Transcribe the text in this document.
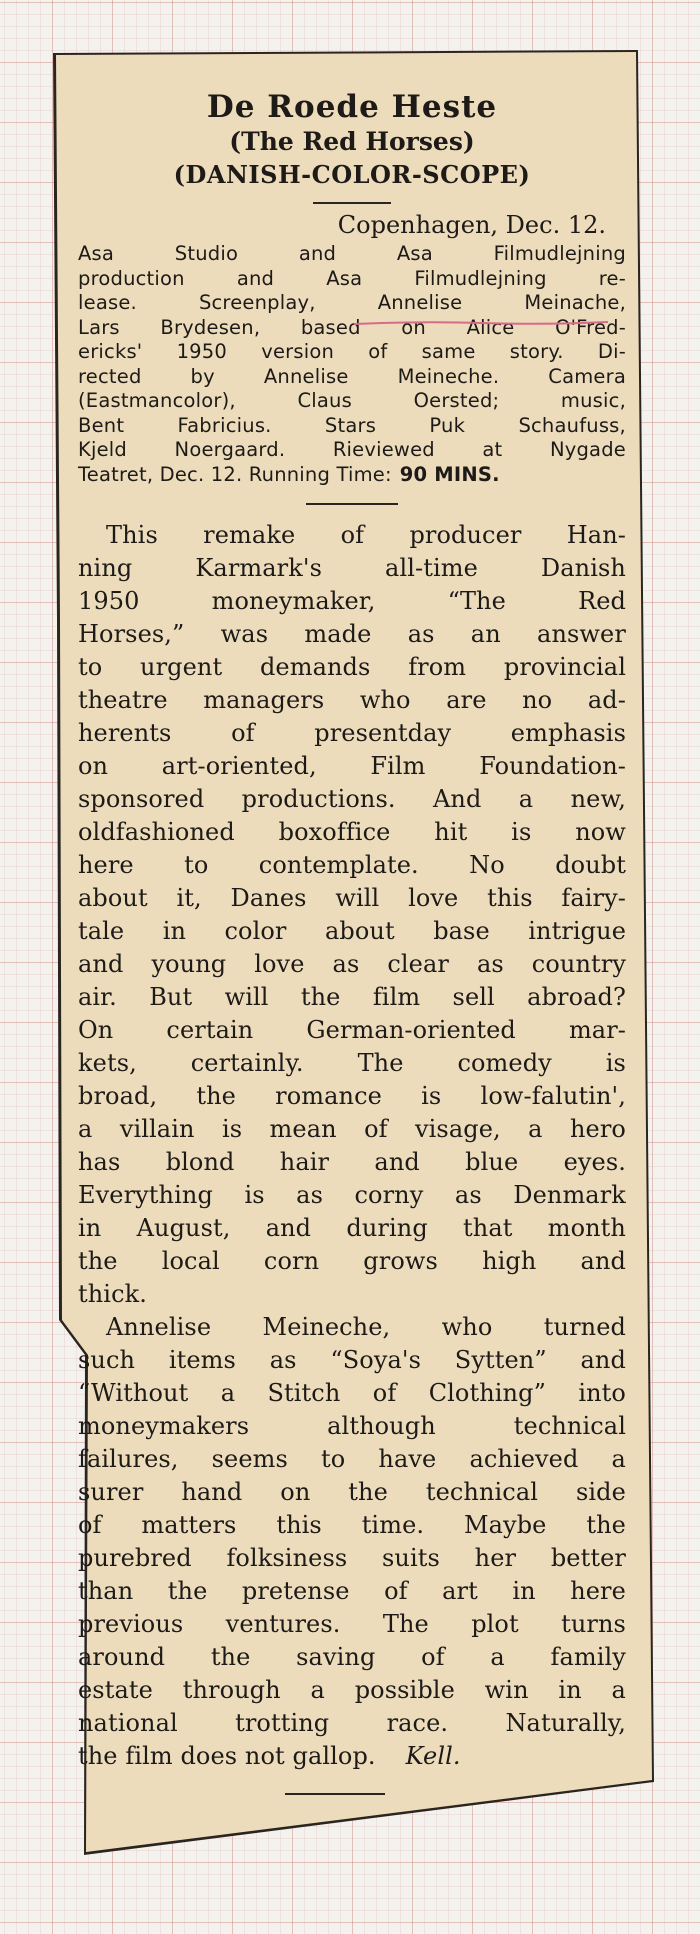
De Roede Heste
(The Red Horses)
(DANISH-COLOR-SCOPE)
Copenhagen, Dec. 12.
Asa	Studio	and	Asa	Filmudlejning
production	and	Asa	Filmudlejning	re-
lease.	Screenplay,	Annelise	Meinache,
Lars Brydesen, based on Alice O'Fred-
ericks' 1950 version of same story. Di-
rected	by	Annelise	Meineche.	Camera
(Eastmancolor),	Claus	Oersted;	music,
Bent	Fabricius.	Stars	Puk	Schaufuss,
Kjeld Noergaard. Rieviewed at Nygade
Teatret, Dec. 12. Running Time: 90 MINS.
This remake of producer Han-
ning	Karmark's	all-time	Danish
1950	moneymaker,	“The	Red
Horses,” was made as an answer
to urgent demands from provincial
theatre managers who are no ad-
herents of presentday emphasis
on art-oriented, Film Foundation-
sponsored productions. And a new,
oldfashioned boxoffice hit is now
here to contemplate. No doubt
about it, Danes will love this fairy-
tale in color about base intrigue
and young love as clear as country
air. But will the film sell abroad?
On certain German-oriented mar-
kets, certainly. The comedy is
broad, the romance is low-falutin',
a villain is mean of visage, a hero
has blond hair and blue eyes.
Everything is as corny as Denmark
in August, and during that month
the local corn grows high and
thick.
Annelise Meineche, who turned
such items as “Soya's Sytten” and
“Without a Stitch of Clothing” into
moneymakers	although	technical
failures, seems to have achieved a
surer hand on the technical side
of matters this time. Maybe the
purebred folksiness suits her better
than the pretense of art in here
previous ventures. The plot turns
around the saving of a family
estate through a possible win in a
national trotting race. Naturally,
the film does not gallop. Kell.
